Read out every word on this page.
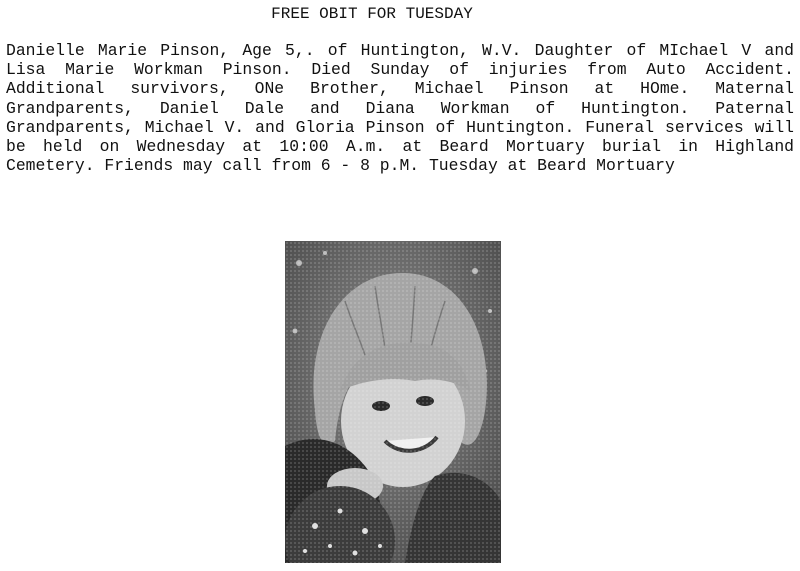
FREE OBIT FOR TUESDAY

Danielle Marie Pinson, Age 5,. of Huntington, W.V. Daughter of MIchael V and Lisa Marie Workman Pinson. Died Sunday of injuries from Auto Accident. Additional survivors, ONe Brother, Michael Pinson at HOme. Maternal Grandparents, Daniel Dale and Diana Workman of Huntington. Paternal Grandparents, Michael V. and Gloria Pinson of Huntington. Funeral services will be held on Wednesday at 10:00 A.m. at Beard Mortuary burial in Highland Cemetery. Friends may call from 6 - 8 p.M. Tuesday at Beard Mortuary
